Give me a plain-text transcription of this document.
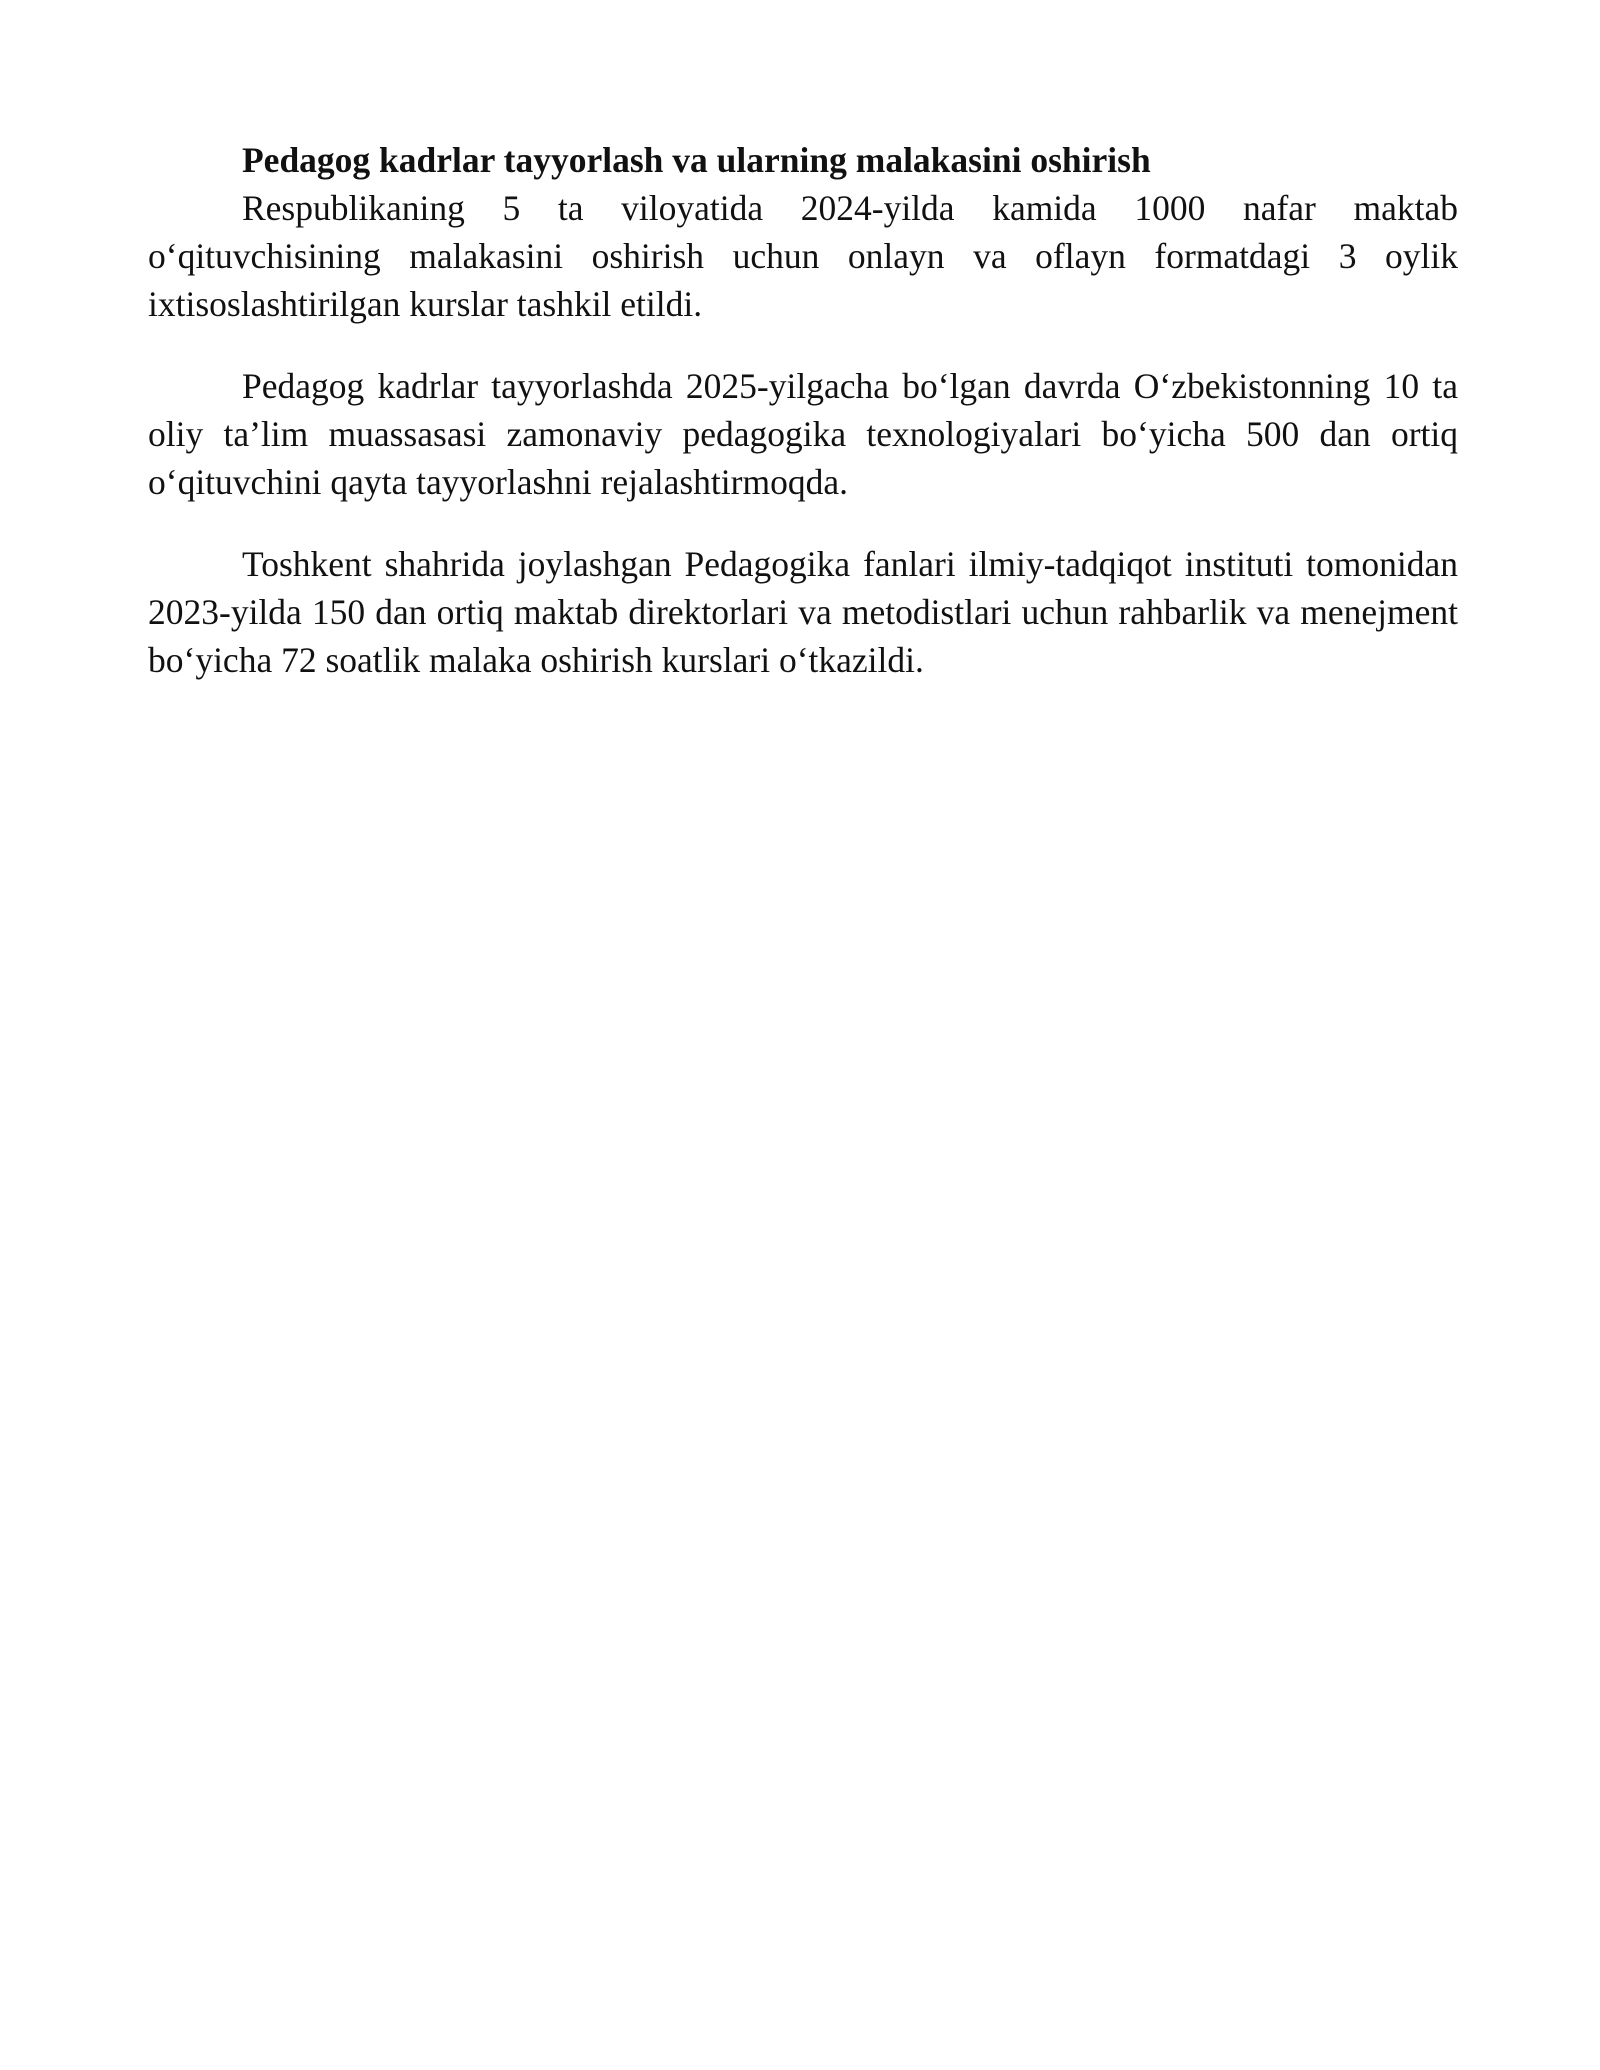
Pedagog kadrlar tayyorlash va ularning malakasini oshirish

Respublikaning 5 ta viloyatida 2024-yilda kamida 1000 nafar maktab o‘qituvchisining malakasini oshirish uchun onlayn va oflayn formatdagi 3 oylik ixtisoslashtirilgan kurslar tashkil etildi.

Pedagog kadrlar tayyorlashda 2025-yilgacha bo‘lgan davrda O‘zbekistonning 10 ta oliy ta’lim muassasasi zamonaviy pedagogika texnologiyalari bo‘yicha 500 dan ortiq o‘qituvchini qayta tayyorlashni rejalashtirmoqda.

Toshkent shahrida joylashgan Pedagogika fanlari ilmiy-tadqiqot instituti tomonidan 2023-yilda 150 dan ortiq maktab direktorlari va metodistlari uchun rahbarlik va menejment bo‘yicha 72 soatlik malaka oshirish kurslari o‘tkazildi.
